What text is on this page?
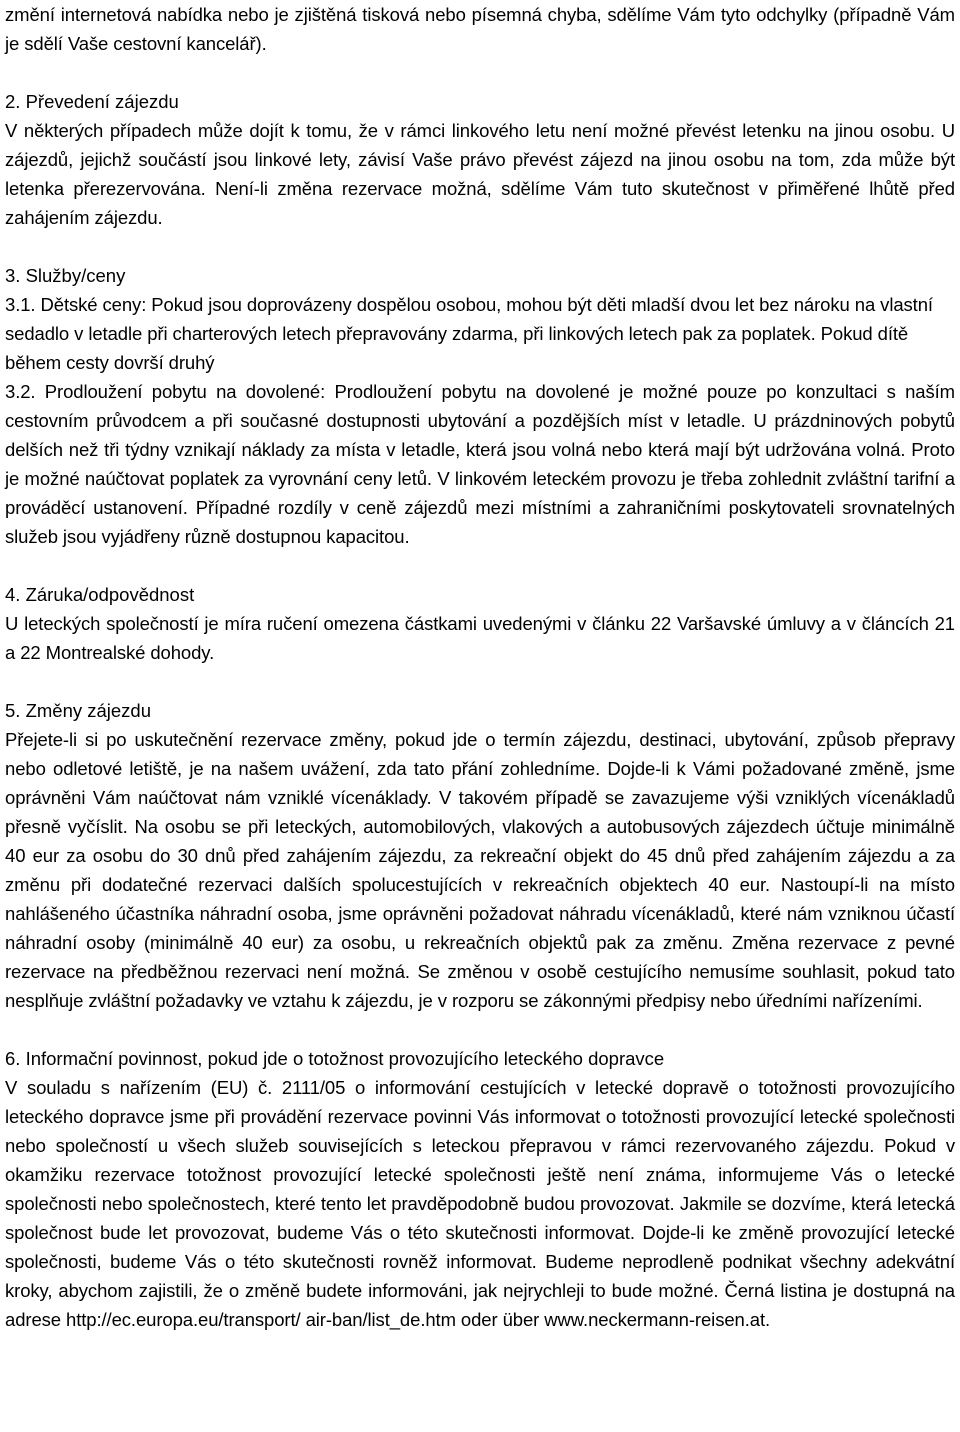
změní internetová nabídka nebo je zjištěná tisková nebo písemná chyba, sdělíme Vám tyto odchylky (případně Vám je sdělí Vaše cestovní kancelář).

2. Převedení zájezdu

V některých případech může dojít k tomu, že v rámci linkového letu není možné převést letenku na jinou osobu. U zájezdů, jejichž součástí jsou linkové lety, závisí Vaše právo převést zájezd na jinou osobu na tom, zda může být letenka přerezervována. Není-li změna rezervace možná, sdělíme Vám tuto skutečnost v přiměřené lhůtě před zahájením zájezdu.

3. Služby/ceny

3.1. Dětské ceny: Pokud jsou doprovázeny dospělou osobou, mohou být děti mladší dvou let bez nároku na vlastní sedadlo v letadle při charterových letech přepravovány zdarma, při linkových letech pak za poplatek. Pokud dítě během cesty dovrší druhý

3.2. Prodloužení pobytu na dovolené: Prodloužení pobytu na dovolené je možné pouze po konzultaci s naším cestovním průvodcem a při současné dostupnosti ubytování a pozdějších míst v letadle. U prázdninových pobytů delších než tři týdny vznikají náklady za místa v letadle, která jsou volná nebo která mají být udržována volná. Proto je možné naúčtovat poplatek za vyrovnání ceny letů. V linkovém leteckém provozu je třeba zohlednit zvláštní tarifní a prováděcí ustanovení. Případné rozdíly v ceně zájezdů mezi místními a zahraničními poskytovateli srovnatelných služeb jsou vyjádřeny různě dostupnou kapacitou.

4. Záruka/odpovědnost

U leteckých společností je míra ručení omezena částkami uvedenými v článku 22 Varšavské úmluvy a v článcích 21 a 22 Montrealské dohody.

5. Změny zájezdu

Přejete-li si po uskutečnění rezervace změny, pokud jde o termín zájezdu, destinaci, ubytování, způsob přepravy nebo odletové letiště, je na našem uvážení, zda tato přání zohledníme. Dojde-li k Vámi požadované změně, jsme oprávněni Vám naúčtovat nám vzniklé vícenáklady. V takovém případě se zavazujeme výši vzniklých vícenákladů přesně vyčíslit. Na osobu se při leteckých, automobilových, vlakových a autobusových zájezdech účtuje minimálně 40 eur za osobu do 30 dnů před zahájením zájezdu, za rekreační objekt do 45 dnů před zahájením zájezdu a za změnu při dodatečné rezervaci dalších spolucestujících v rekreačních objektech 40 eur. Nastoupí-li na místo nahlášeného účastníka náhradní osoba, jsme oprávněni požadovat náhradu vícenákladů, které nám vzniknou účastí náhradní osoby (minimálně 40 eur) za osobu, u rekreačních objektů pak za změnu. Změna rezervace z pevné rezervace na předběžnou rezervaci není možná. Se změnou v osobě cestujícího nemusíme souhlasit, pokud tato nesplňuje zvláštní požadavky ve vztahu k zájezdu, je v rozporu se zákonnými předpisy nebo úředními nařízeními.

6. Informační povinnost, pokud jde o totožnost provozujícího leteckého dopravce

V souladu s nařízením (EU) č. 2111/05 o informování cestujících v letecké dopravě o totožnosti provozujícího leteckého dopravce jsme při provádění rezervace povinni Vás informovat o totožnosti provozující letecké společnosti nebo společností u všech služeb souvisejících s leteckou přepravou v rámci rezervovaného zájezdu. Pokud v okamžiku rezervace totožnost provozující letecké společnosti ještě není známa, informujeme Vás o letecké společnosti nebo společnostech, které tento let pravděpodobně budou provozovat. Jakmile se dozvíme, která letecká společnost bude let provozovat, budeme Vás o této skutečnosti informovat. Dojde-li ke změně provozující letecké společnosti, budeme Vás o této skutečnosti rovněž informovat. Budeme neprodleně podnikat všechny adekvátní kroky, abychom zajistili, že o změně budete informováni, jak nejrychleji to bude možné. Černá listina je dostupná na adrese http://ec.europa.eu/transport/ air-ban/list_de.htm oder über www.neckermann-reisen.at.
